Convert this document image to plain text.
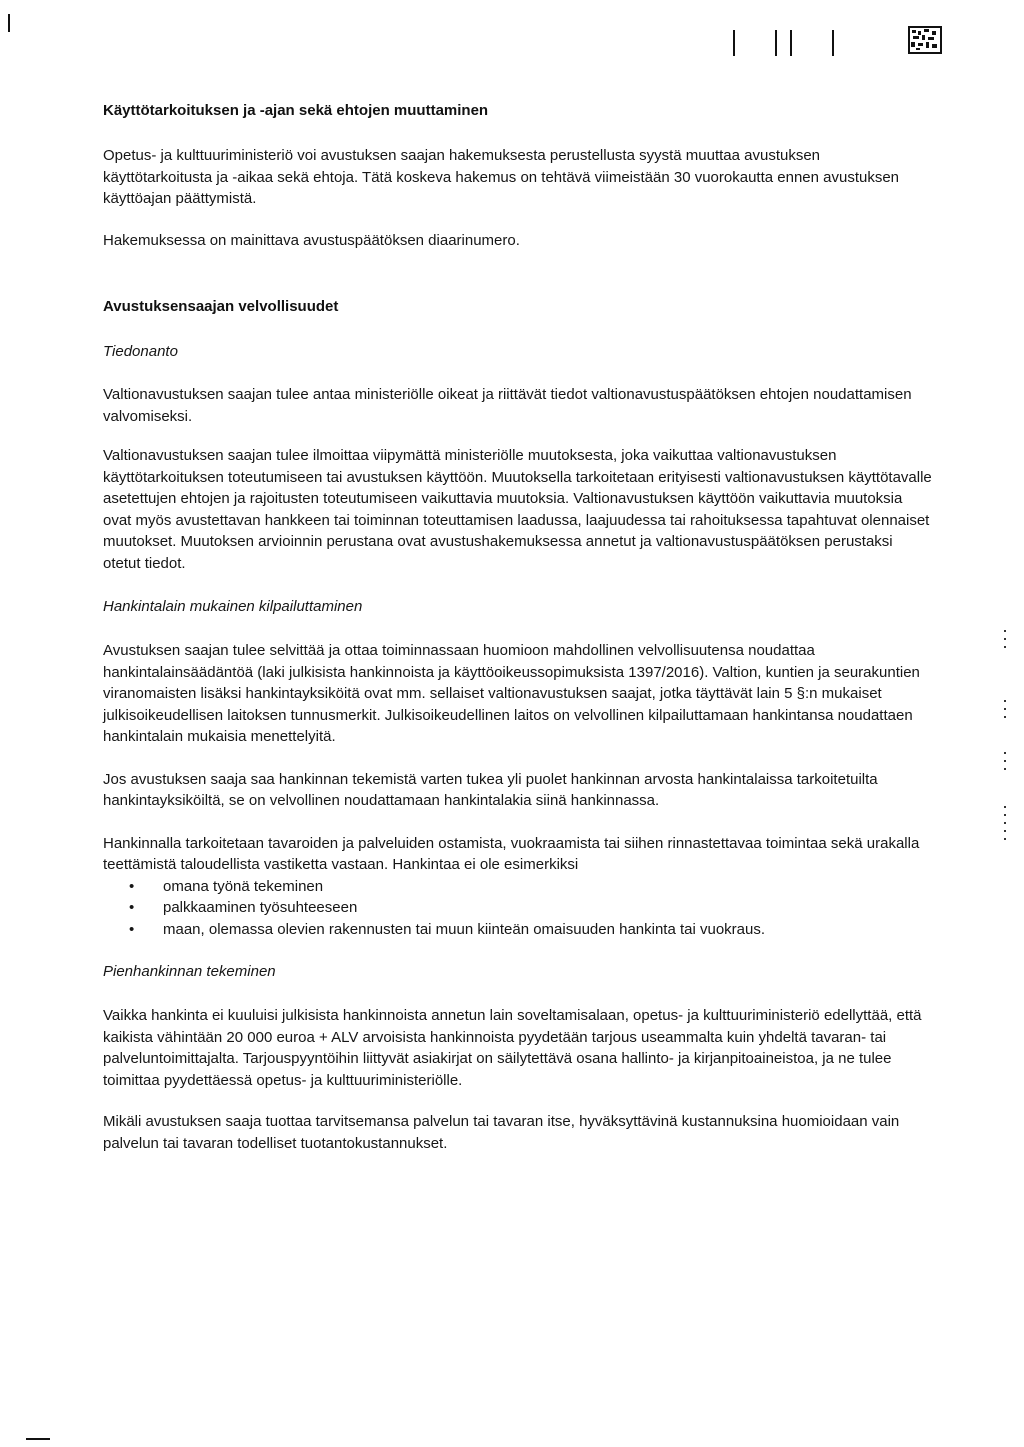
Käyttötarkoituksen ja -ajan sekä ehtojen muuttaminen

Opetus- ja kulttuuriministeriö voi avustuksen saajan hakemuksesta perustellusta syystä muuttaa avustuksen käyttötarkoitusta ja -aikaa sekä ehtoja. Tätä koskeva hakemus on tehtävä viimeistään 30 vuorokautta ennen avustuksen käyttöajan päättymistä.

Hakemuksessa on mainittava avustuspäätöksen diaarinumero.

Avustuksensaajan velvollisuudet

Tiedonanto

Valtionavustuksen saajan tulee antaa ministeriölle oikeat ja riittävät tiedot valtionavustuspäätöksen ehtojen noudattamisen valvomiseksi.

Valtionavustuksen saajan tulee ilmoittaa viipymättä ministeriölle muutoksesta, joka vaikuttaa valtionavustuksen käyttötarkoituksen toteutumiseen tai avustuksen käyttöön. Muutoksella tarkoitetaan erityisesti valtionavustuksen käyttötavalle asetettujen ehtojen ja rajoitusten toteutumiseen vaikuttavia muutoksia. Valtionavustuksen käyttöön vaikuttavia muutoksia ovat myös avustettavan hankkeen tai toiminnan toteuttamisen laadussa, laajuudessa tai rahoituksessa tapahtuvat olennaiset muutokset. Muutoksen arvioinnin perustana ovat avustushakemuksessa annetut ja valtionavustuspäätöksen perustaksi otetut tiedot.

Hankintalain mukainen kilpailuttaminen

Avustuksen saajan tulee selvittää ja ottaa toiminnassaan huomioon mahdollinen velvollisuutensa noudattaa hankintalainsäädäntöä (laki julkisista hankinnoista ja käyttöoikeussopimuksista 1397/2016). Valtion, kuntien ja seurakuntien viranomaisten lisäksi hankintayksiköitä ovat mm. sellaiset valtionavustuksen saajat, jotka täyttävät lain 5 §:n mukaiset julkisoikeudellisen laitoksen tunnusmerkit. Julkisoikeudellinen laitos on velvollinen kilpailuttamaan hankintansa noudattaen hankintalain mukaisia menettelyitä.

Jos avustuksen saaja saa hankinnan tekemistä varten tukea yli puolet hankinnan arvosta hankintalaissa tarkoitetuilta hankintayksiköiltä, se on velvollinen noudattamaan hankintalakia siinä hankinnassa.

Hankinnalla tarkoitetaan tavaroiden ja palveluiden ostamista, vuokraamista tai siihen rinnastettavaa toimintaa sekä urakalla teettämistä taloudellista vastiketta vastaan. Hankintaa ei ole esimerkiksi

• omana työnä tekeminen
• palkkaaminen työsuhteeseen
• maan, olemassa olevien rakennusten tai muun kiinteän omaisuuden hankinta tai vuokraus.

Pienhankinnan tekeminen

Vaikka hankinta ei kuuluisi julkisista hankinnoista annetun lain soveltamisalaan, opetus- ja kulttuuriministeriö edellyttää, että kaikista vähintään 20 000 euroa + ALV arvoisista hankinnoista pyydetään tarjous useammalta kuin yhdeltä tavaran- tai palveluntoimittajalta. Tarjouspyyntöihin liittyvät asiakirjat on säilytettävä osana hallinto- ja kirjanpitoaineistoa, ja ne tulee toimittaa pyydettäessä opetus- ja kulttuuriministeriölle.

Mikäli avustuksen saaja tuottaa tarvitsemansa palvelun tai tavaran itse, hyväksyttävinä kustannuksina huomioidaan vain palvelun tai tavaran todelliset tuotantokustannukset.
